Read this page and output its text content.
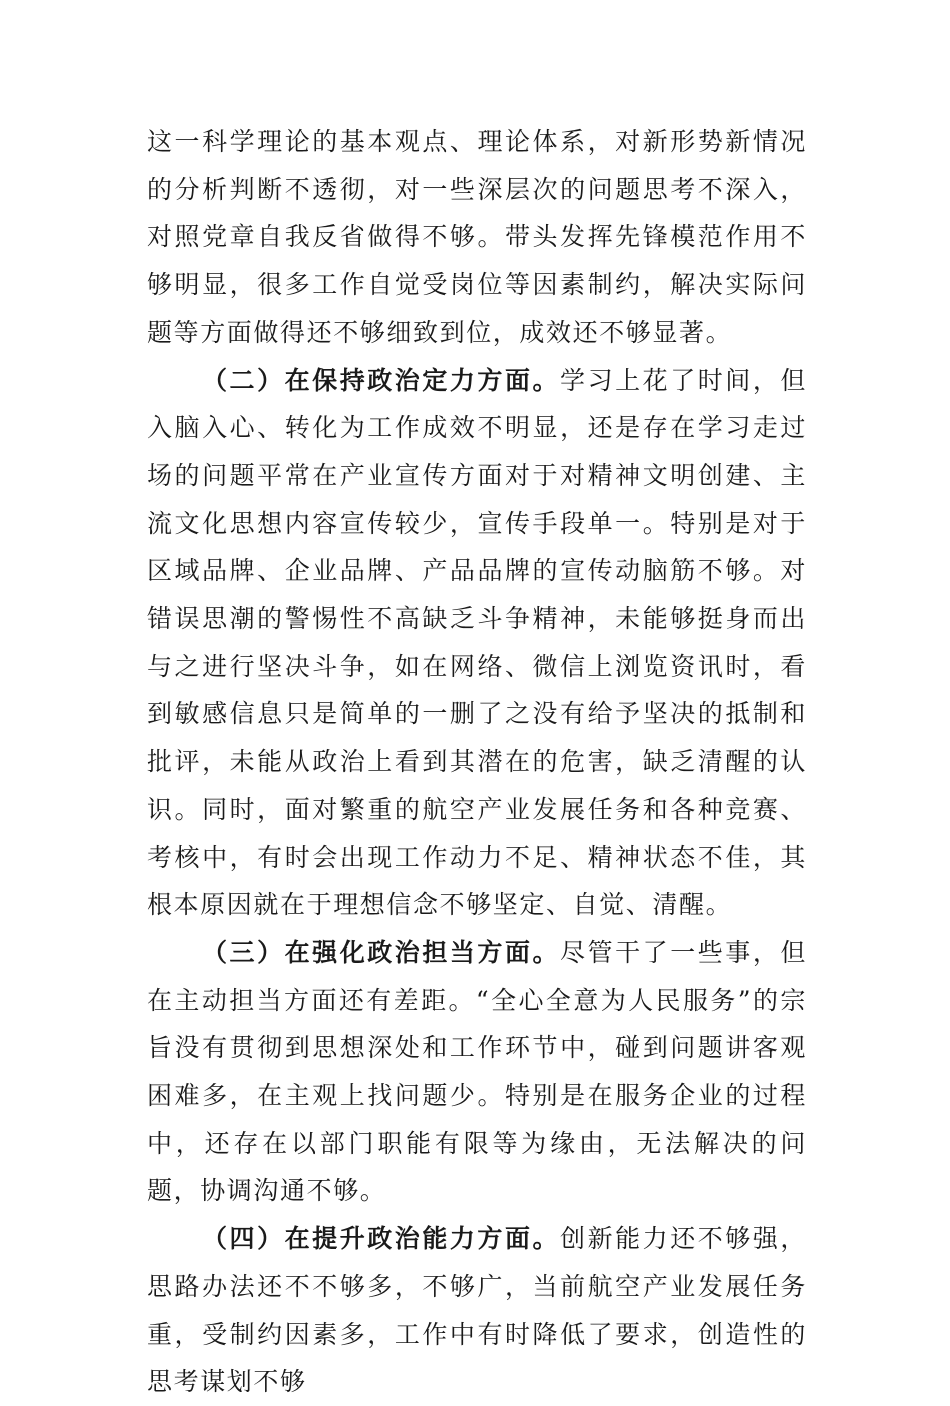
这一科学理论的基本观点、理论体系，对新形势新情况的分析判断不透彻，对一些深层次的问题思考不深入，对照党章自我反省做得不够。带头发挥先锋模范作用不够明显，很多工作自觉受岗位等因素制约，解决实际问题等方面做得还不够细致到位，成效还不够显著。

（二）在保持政治定力方面。学习上花了时间，但入脑入心、转化为工作成效不明显，还是存在学习走过场的问题平常在产业宣传方面对于对精神文明创建、主流文化思想内容宣传较少，宣传手段单一。特别是对于区域品牌、企业品牌、产品品牌的宣传动脑筋不够。对错误思潮的警惕性不高缺乏斗争精神，未能够挺身而出与之进行坚决斗争，如在网络、微信上浏览资讯时，看到敏感信息只是简单的一删了之没有给予坚决的抵制和批评，未能从政治上看到其潜在的危害，缺乏清醒的认识。同时，面对繁重的航空产业发展任务和各种竞赛、考核中，有时会出现工作动力不足、精神状态不佳，其根本原因就在于理想信念不够坚定、自觉、清醒。

（三）在强化政治担当方面。尽管干了一些事，但在主动担当方面还有差距。“全心全意为人民服务”的宗旨没有贯彻到思想深处和工作环节中，碰到问题讲客观困难多，在主观上找问题少。特别是在服务企业的过程中，还存在以部门职能有限等为缘由，无法解决的问题，协调沟通不够。

（四）在提升政治能力方面。创新能力还不够强，思路办法还不不够多，不够广，当前航空产业发展任务重，受制约因素多，工作中有时降低了要求，创造性的思考谋划不够
